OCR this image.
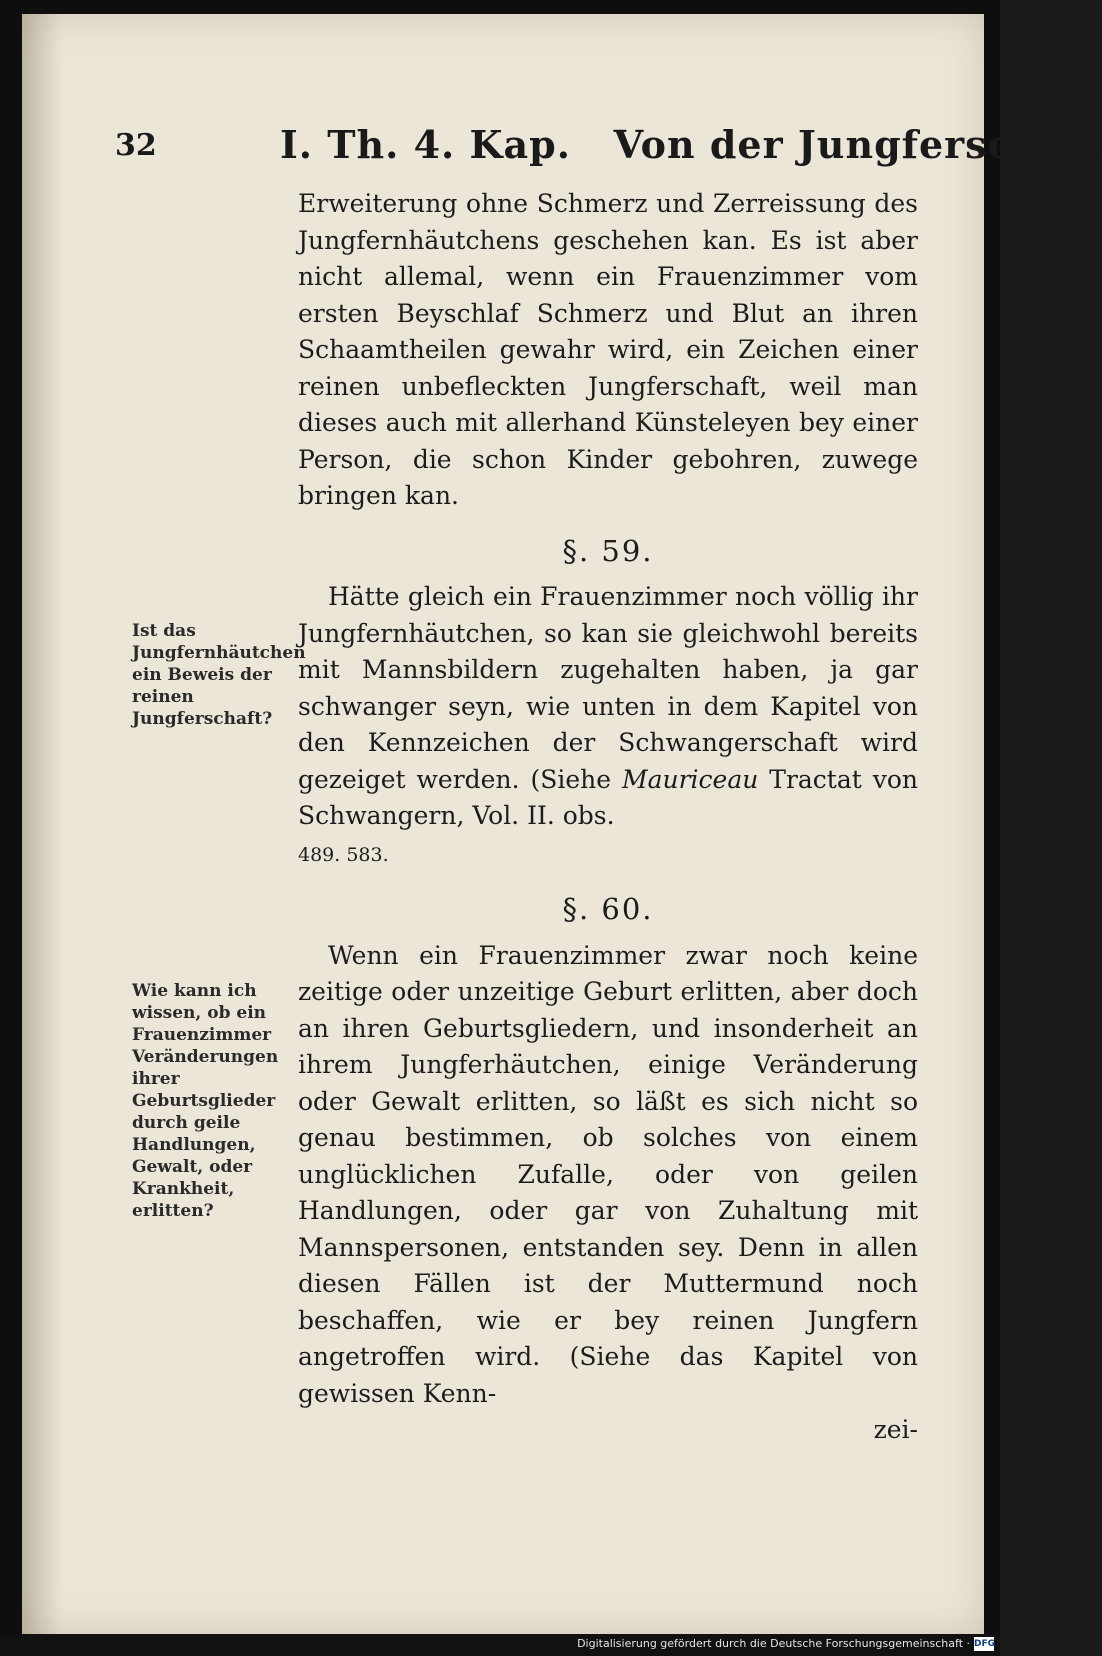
32	I. Th. 4. Kap.   Von der Jungferschaft

Erweiterung ohne Schmerz und Zerreissung des Jungfernhäutchens geschehen kan. Es ist aber nicht allemal, wenn ein Frauenzimmer vom ersten Beyschlaf Schmerz und Blut an ihren Schaamtheilen gewahr wird, ein Zeichen einer reinen unbefleckten Jungferschaft, weil man dieses auch mit allerhand Künsteleyen bey einer Person, die schon Kinder gebohren, zuwege bringen kan.

§. 59.

Hätte gleich ein Frauenzimmer noch völlig ihr Jungfernhäutchen, so kan sie gleichwohl bereits mit Mannsbildern zugehalten haben, ja gar schwanger seyn, wie unten in dem Kapitel von den Kennzeichen der Schwangerschaft wird gezeiget werden. (Siehe Mauriceau Tractat von Schwangern, Vol. II. obs.
489. 583.

§. 60.

Wenn ein Frauenzimmer zwar noch keine zeitige oder unzeitige Geburt erlitten, aber doch an ihren Geburtsgliedern, und insonderheit an ihrem Jungferhäutchen, einige Veränderung oder Gewalt erlitten, so läßt es sich nicht so genau bestimmen, ob solches von einem unglücklichen Zufalle, oder von geilen Handlungen, oder gar von Zuhaltung mit Mannspersonen, entstanden sey. Denn in allen diesen Fällen ist der Muttermund noch beschaffen, wie er bey reinen Jungfern angetroffen wird. (Siehe das Kapitel von gewissen Kenn-

zei-
Ist das Jungfernhäutchen ein Beweis der reinen Jungferschaft?
Wie kann ich wissen, ob ein Frauenzimmer Veränderungen ihrer Geburtsglieder durch geile Handlungen, Gewalt, oder Krankheit, erlitten?
Digitalisierung gefördert durch die Deutsche Forschungsgemeinschaft · DFG
